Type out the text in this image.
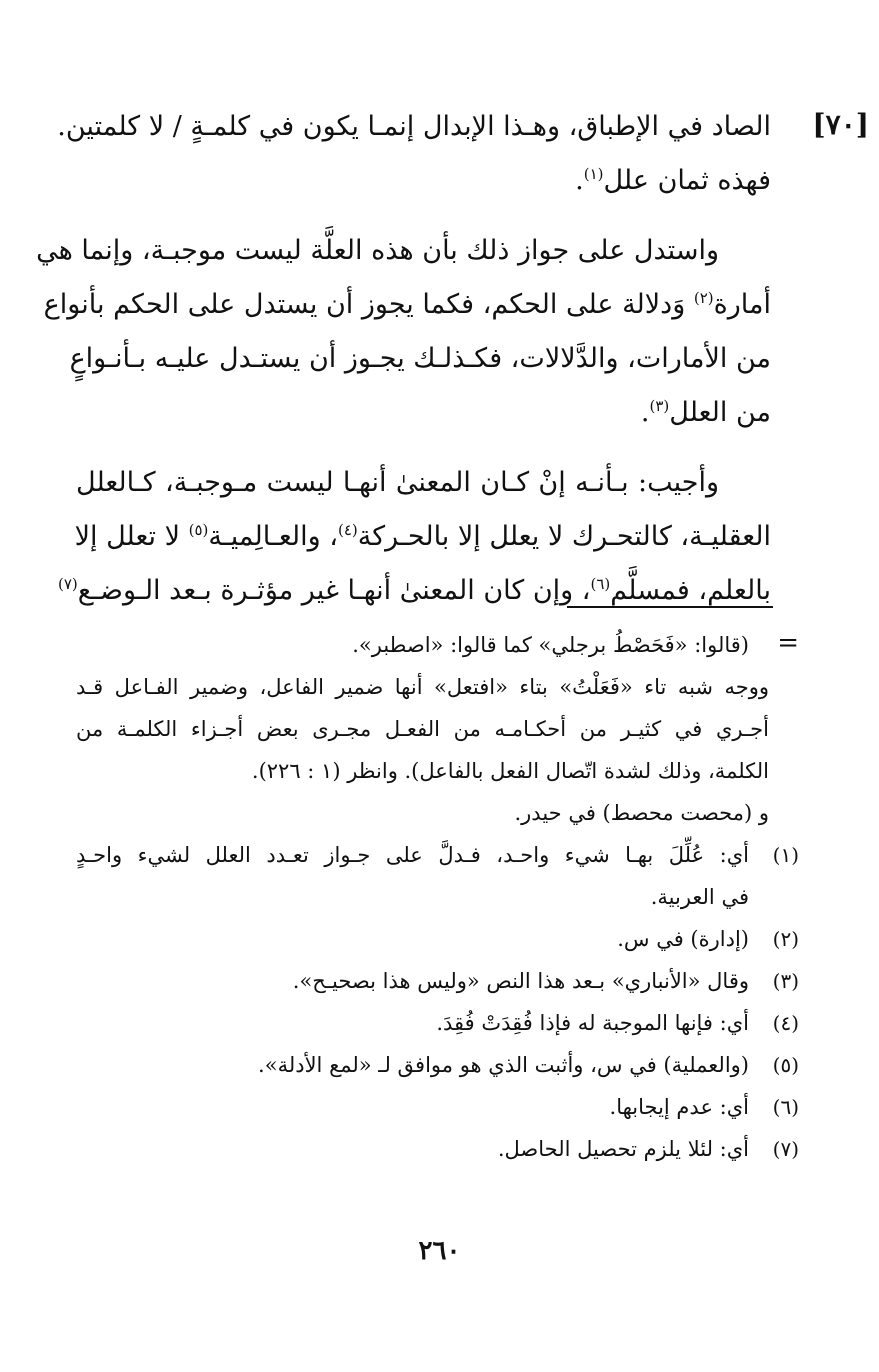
[٧٠]
الصاد في الإطباق، وهـذا الإبدال إنمـا يكون في كلمـةٍ / لا كلمتين.
فهذه ثمان علل$^{(١)}$.
واستدل على جواز ذلك بأن هذه العلَّة ليست موجبـة، وإنما هي
أمارة$^{(٢)}$ وَدلالة على الحكم، فكما يجوز أن يستدل على الحكم بأنواع
من الأمارات، والدَّلالات، فكـذلـك يجـوز أن يستـدل عليـه بـأنـواعٍ
من العلل$^{(٣)}$.
وأجيب: بـأنـه إنْ كـان المعنىٰ أنهـا ليست مـوجبـة، كـالعلل
العقليـة، كالتحـرك لا يعلل إلا بالحـركة$^{(٤)}$، والعـالِميـة$^{(٥)}$ لا تعلل إلا
بالعلم، فمسلَّم$^{(٦)}$، وإن كان المعنىٰ أنهـا غير مؤثـرة بـعد الـوضـع$^{(٧)}$
=
(قالوا: «فَحَصْطُ برجلي» كما قالوا: «اصطبر».
ووجه شبه تاء «فَعَلْتُ» بتاء «افتعل» أنها ضمير الفاعل، وضمير الفـاعل قـد
أجـري في كثيـر من أحكـامـه من الفعـل مجـرى بعض أجـزاء الكلمـة من
الكلمة، وذلك لشدة اتّصال الفعل بالفاعل). وانظر (١ : ٢٢٦).
و (محصت محصط) في حيدر.
(١)
أي: عُلِّلَ بهـا شيء واحـد، فـدلَّ على جـواز تعـدد العلل لشيء واحـدٍ
في العربية.
(٢)
(إدارة) في س.
(٣)
وقال «الأنباري» بـعد هذا النص «وليس هذا بصحيـح».
(٤)
أي: فإنها الموجبة له فإذا فُقِدَتْ فُقِدَ.
(٥)
(والعملية) في س، وأثبت الذي هو موافق لـ «لمع الأدلة».
(٦)
أي: عدم إيجابها.
(٧)
أي: لئلا يلزم تحصيل الحاصل.
٢٦٠
